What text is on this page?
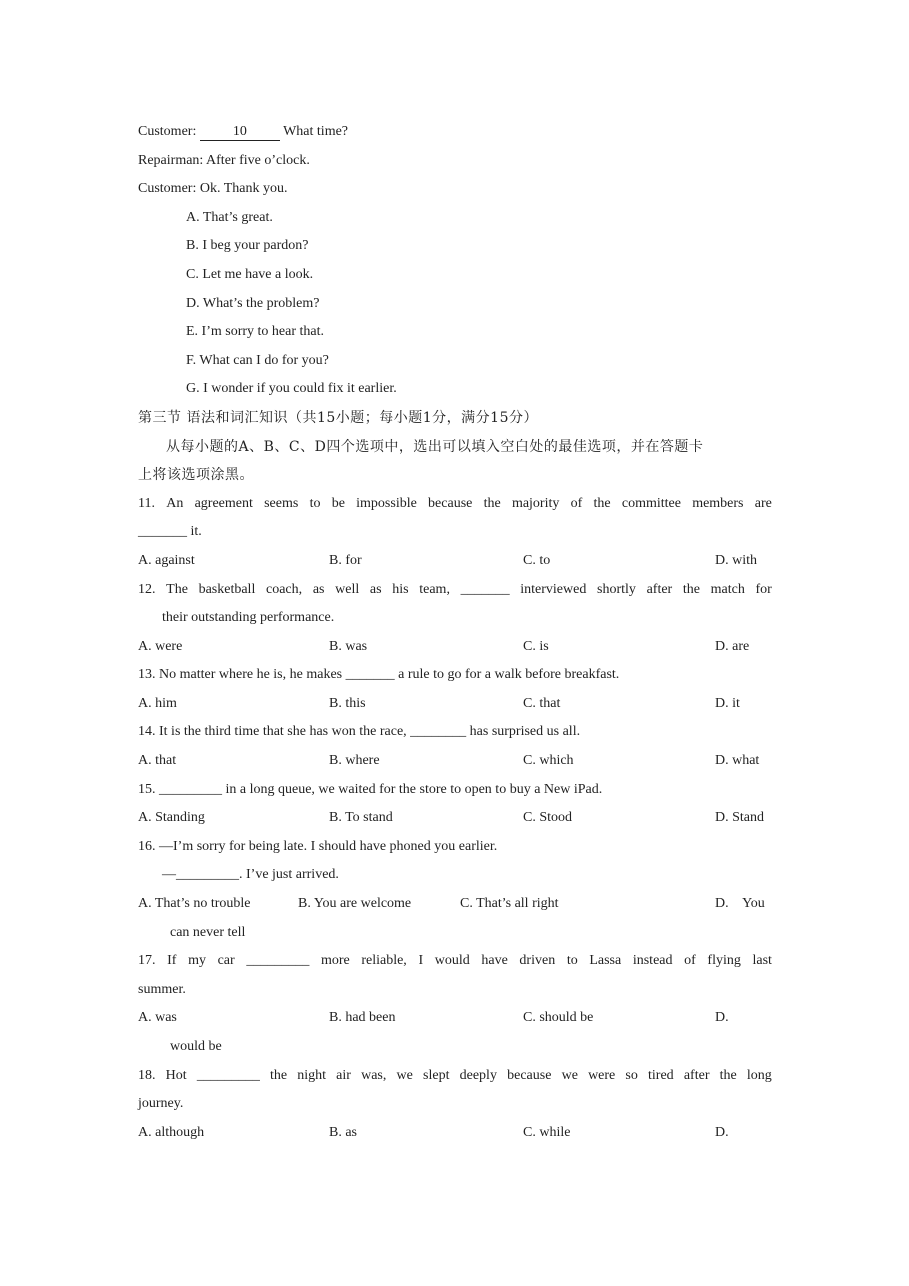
Customer: 10 What time?
Repairman: After five o’clock.
Customer: Ok. Thank you.
A. That’s great.
B. I beg your pardon?
C. Let me have a look.
D. What’s the problem?
E. I’m sorry to hear that.
F. What can I do for you?
G. I wonder if you could fix it earlier.
第三节 语法和词汇知识（共15小题；每小题1分，满分15分）
从每小题的A、B、C、D四个选项中，选出可以填入空白处的最佳选项，并在答题卡
上将该选项涂黑。
11. An agreement seems to be impossible because the majority of the committee members are
_______ it.
A. against	B. for	C. to	D. with
12. The basketball coach, as well as his team, _______ interviewed shortly after the match for
their outstanding performance.
A. were	B. was	C. is	D. are
13. No matter where he is, he makes _______ a rule to go for a walk before breakfast.
A. him	B. this	C. that	D. it
14. It is the third time that she has won the race, ________ has surprised us all.
A. that	B. where	C. which	D. what
15. _________ in a long queue, we waited for the store to open to buy a New iPad.
A. Standing	B. To stand	C. Stood	D. Stand
16. —I’m sorry for being late. I should have phoned you earlier.
—_________. I’ve just arrived.
A. That’s no trouble	B. You are welcome	C. That’s all right	D.    You
can never tell
17. If my car _________ more reliable, I would have driven to Lassa instead of flying last
summer.
A. was	B. had been	C. should be	D.
would be
18. Hot _________ the night air was, we slept deeply because we were so tired after the long
journey.
A. although	B. as	C. while	D.
